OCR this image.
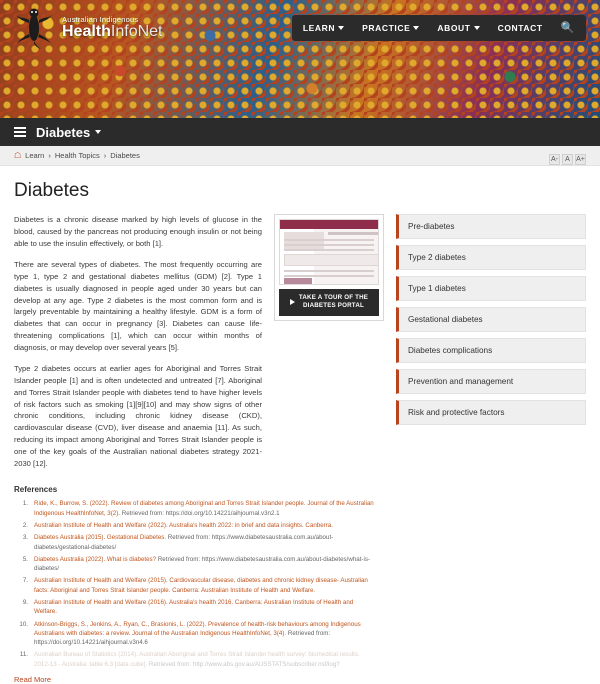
Australian Indigenous
HealthInfoNet	LEARN	PRACTICE	ABOUT	CONTACT 🔍
Diabetes
☖ Learn › Health Topics › Diabetes	A-	A A+
Diabetes

Diabetes is a chronic disease marked by high levels of glucose in the blood, caused by the pancreas not producing enough insulin or not being able to use the insulin effectively, or both [1].

There are several types of diabetes. The most frequently occurring are type 1, type 2 and gestational diabetes mellitus (GDM) [2]. Type 1 diabetes is usually diagnosed in people aged under 30 years but can develop at any age. Type 2 diabetes is the most common form and is largely preventable by maintaining a healthy lifestyle. GDM is a form of diabetes that can occur in pregnancy [3]. Diabetes can cause life-threatening complications [1], which can occur within months of diagnosis, or may develop over several years [5].

Type 2 diabetes occurs at earlier ages for Aboriginal and Torres Strait Islander people [1] and is often undetected and untreated [7]. Aboriginal and Torres Strait Islander people with diabetes tend to have higher levels of risk factors such as smoking [1][9][10] and may show signs of other chronic conditions, including chronic kidney disease (CKD), cardiovascular disease (CVD), liver disease and anaemia [11]. As such, reducing its impact among Aboriginal and Torres Strait Islander people is one of the key goals of the Australian national diabetes strategy 2021-2030 [12].

TAKE A TOUR OF THE
DIABETES PORTAL
Pre-diabetes
Type 2 diabetes
Type 1 diabetes
Gestational diabetes
Diabetes complications
Prevention and management
Risk and protective factors
References
1. Ride, K., Burrow, S. (2022). Review of diabetes among Aboriginal and Torres Strait Islander people. Journal of the Australian Indigenous HealthInfoNet, 3(2). Retrieved from: https://doi.org/10.14221/aihjournal.v3n2.1
2. Australian Institute of Health and Welfare (2022). Australia's health 2022: in brief and data insights. Canberra.
3. Diabetes Australia (2015). Gestational Diabetes. Retrieved from: https://www.diabetesaustralia.com.au/about-diabetes/gestational-diabetes/
5. Diabetes Australia (2022). What is diabetes? Retrieved from: https://www.diabetesaustralia.com.au/about-diabetes/what-is-diabetes/
7. Australian Institute of Health and Welfare (2015). Cardiovascular disease, diabetes and chronic kidney disease- Australian facts: Aboriginal and Torres Strait Islander people. Canberra: Australian Institute of Health and Welfare.
9. Australian Institute of Health and Welfare (2016). Australia's health 2016. Canberra: Australian Institute of Health and Welfare.
10. Atkinson-Briggs, S., Jenkins, A., Ryan, C., Brasionis, L. (2022). Prevalence of health-risk behaviours among Indigenous Australians with diabetes: a review. Journal of the Australian Indigenous HealthInfoNet, 3(4). Retrieved from: https://doi.org/10.14221/aihjournal.v3n4.6
11. Australian Bureau of Statistics (2014). Australian Aboriginal and Torres Strait Islander health survey: biomedical results, 2012-13 - Australia: table 6.3 [data cube]. Retrieved from: http://www.abs.gov.au/AUSSTATS/subscriber.nsf/log?
Read More
